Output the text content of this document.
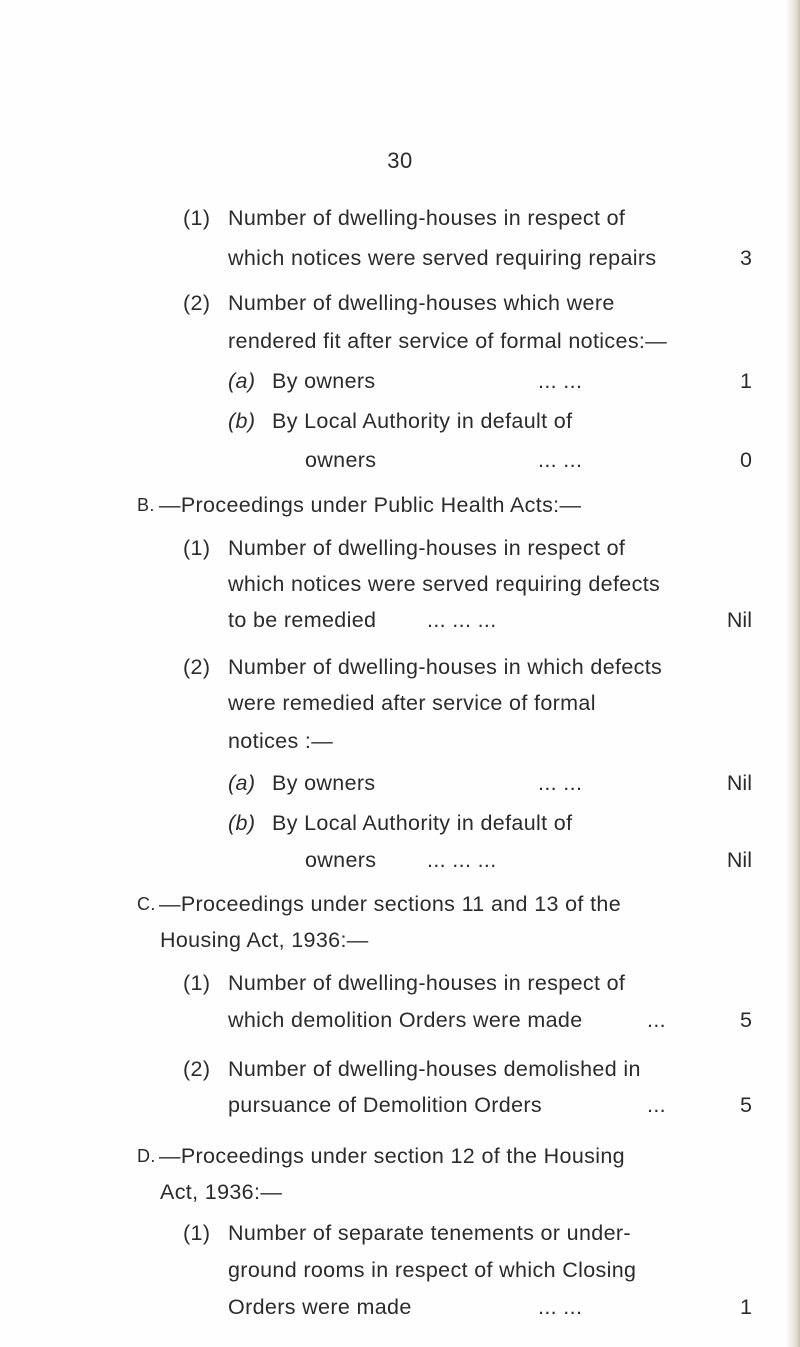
30
(1) Number of dwelling-houses in respect of
which notices were served requiring repairs	3
(2) Number of dwelling-houses which were
rendered fit after service of formal notices:—
(a) By owners	... ...	1
(b) By Local Authority in default of
owners	... ...	0
B. —Proceedings under Public Health Acts:—
(1) Number of dwelling-houses in respect of
which notices were served requiring defects
to be remedied ... ... ...	Nil
(2) Number of dwelling-houses in which defects
were remedied after service of formal
notices :—
(a) By owners	... ...	Nil
(b) By Local Authority in default of
owners ... ... ...	Nil
C. —Proceedings under sections 11 and 13 of the
Housing Act, 1936:—
(1) Number of dwelling-houses in respect of
which demolition Orders were made	...	5
(2) Number of dwelling-houses demolished in
pursuance of Demolition Orders	...	5
D. —Proceedings under section 12 of the Housing
Act, 1936:—
(1) Number of separate tenements or under-
ground rooms in respect of which Closing
Orders were made	... ...	1
